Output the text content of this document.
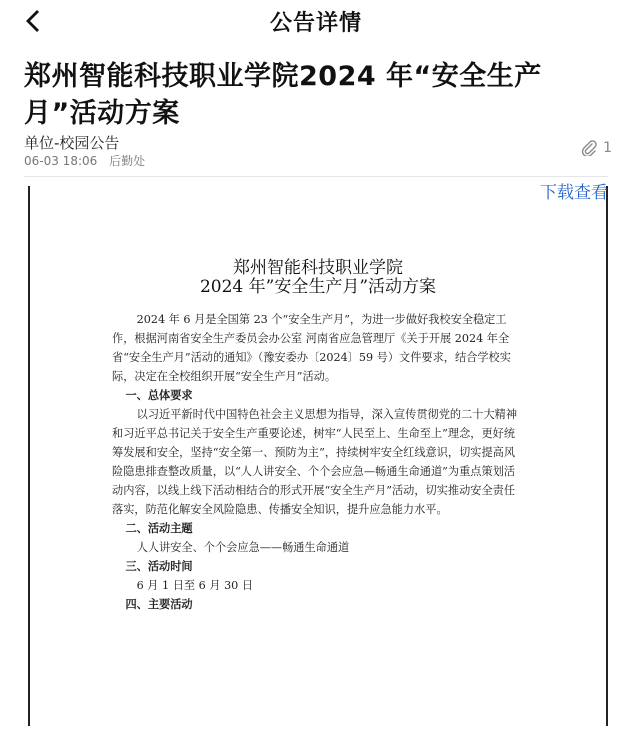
公告详情
郑州智能科技职业学院2024 年“安全生产月”活动方案
单位-校园公告
06-03 18:06 后勤处
1
下载查看
郑州智能科技职业学院
2024 年”安全生产月”活动方案

2024 年 6 月是全国第 23 个“安全生产月”，为进一步做好我校安全稳定工作，根据河南省安全生产委员会办公室 河南省应急管理厅《关于开展 2024 年全省“安全生产月”活动的通知》（豫安委办〔2024〕59 号）文件要求，结合学校实际，决定在全校组织开展“安全生产月”活动。

一、总体要求

以习近平新时代中国特色社会主义思想为指导，深入宣传贯彻党的二十大精神和习近平总书记关于安全生产重要论述，树牢“人民至上、生命至上”理念，更好统筹发展和安全，坚持“安全第一、预防为主”，持续树牢安全红线意识，切实提高风险隐患排查整改质量，以“人人讲安全、个个会应急—畅通生命通道”为重点策划活动内容，以线上线下活动相结合的形式开展“安全生产月”活动，切实推动安全责任落实，防范化解安全风险隐患、传播安全知识，提升应急能力水平。

二、活动主题

人人讲安全、个个会应急——畅通生命通道

三、活动时间

6 月 1 日至 6 月 30 日

四、主要活动
